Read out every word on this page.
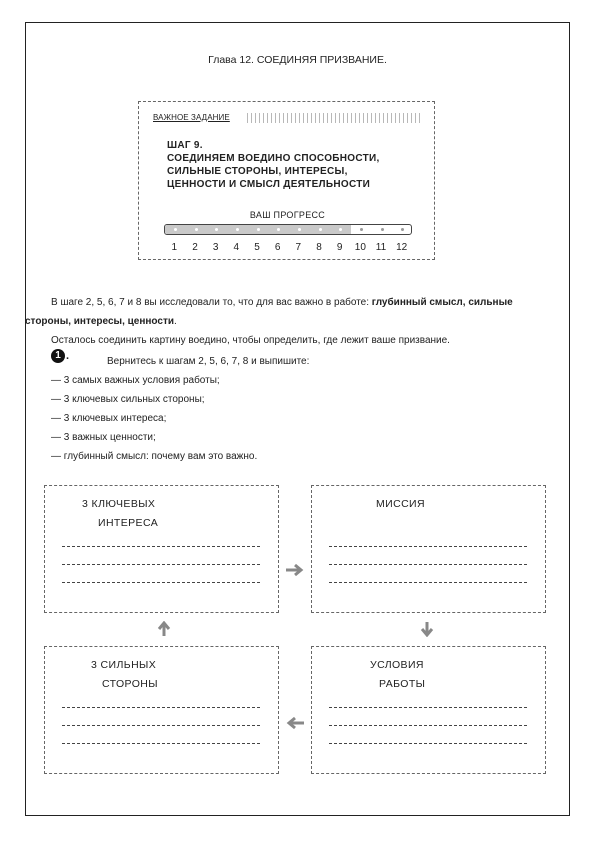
Глава 12. СОЕДИНЯЯ ПРИЗВАНИЕ.
ВАЖНОЕ ЗАДАНИЕ
ШАГ 9.
СОЕДИНЯЕМ ВОЕДИНО СПОСОБНОСТИ,
СИЛЬНЫЕ СТОРОНЫ, ИНТЕРЕСЫ,
ЦЕННОСТИ И СМЫСЛ ДЕЯТЕЛЬНОСТИ
ВАШ ПРОГРЕСС
1	2	3	4	5	6	7	8	9	10 11 12
В шаге 2, 5, 6, 7 и 8 вы исследовали то, что для вас важно в работе: глубинный смысл, сильные
стороны, интересы, ценности.
Осталось соединить картину воедино, чтобы определить, где лежит ваше призвание.
1 .	Вернитесь к шагам 2, 5, 6, 7, 8 и выпишите:
— 3 самых важных условия работы;
— 3 ключевых сильных стороны;
— 3 ключевых интереса;
— 3 важных ценности;
— глубинный смысл: почему вам это важно.
3 КЛЮЧЕВЫХ
ИНТЕРЕСА
МИССИЯ
3 СИЛЬНЫХ
СТОРОНЫ
УСЛОВИЯ
РАБОТЫ
